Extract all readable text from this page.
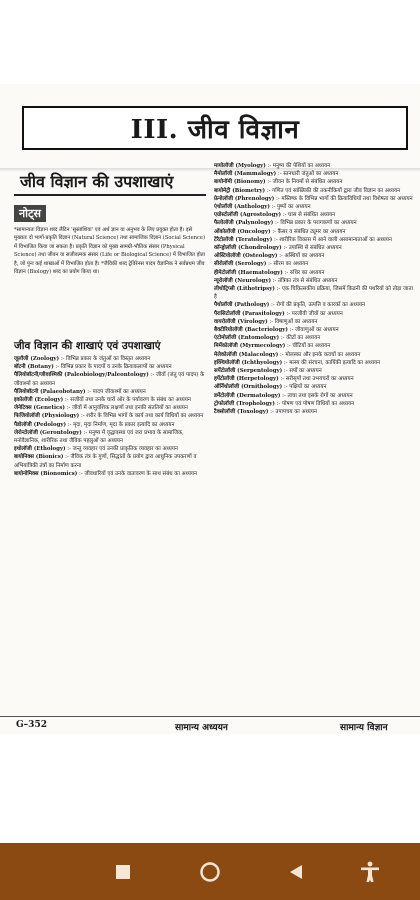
III. जीव विज्ञान
जीव विज्ञान की उपशाखाएं
नोट्स
*सामान्यतः विज्ञान शब्द लैटिन 'सुस्तांशिया' एवं अर्थ ज्ञान या अनुभव के लिए प्रयुक्त होता है। इसे मुख्यतः दो भागों-प्रकृति विज्ञान (Natural Science) तथा सामाजिक विज्ञान (Social Science) में विभाजित किया जा सकता है। प्रकृति विज्ञान को मुख्य सामग्री-भौतिक संसार (Physical Science) तथा जीवन या सजीवत्मक संसार (Life or Biological Science) में विभाजित होता है, जो पुनः कई शाखाओं में विभाजित होता है। *जैविकी शब्द ट्रेविरेनस पादप वैज्ञानिक ने सर्वप्रथम जीव विज्ञान (Biology) शब्द का प्रयोग किया था।
जीव विज्ञान की शाखाएं एवं उपशाखाएं
जूलॉजी (Zoology) :- विभिन्न प्रकार के जंतुओं का विस्तृत अध्ययन
बॉटनी (Botany) :- विभिन्न प्रकार के पादपों व उनके क्रियाकलापों का अध्ययन
पैलियोबॉटनी/जीवाश्मिकी (Paleobiology/Paleontology) :- जीवों (जंतु एवं पादप) के जीवाश्मों का अध्ययन
पैलियोबॉटनी (Palaeobotany) :- पादप जीवाश्मों का अध्ययन
इकोलॉजी (Ecology) :- सजीवों तथा उनके चारों ओर के पर्यावरण के संबंध का अध्ययन
जेनेटिक्स (Genetics) :- जीवों में आनुवंशिक लक्षणों तथा इनकी संततियों का अध्ययन
फिजियोलॉजी (Physiology) :- शरीर के विभिन्न भागों के कार्य तथा कार्य विधियों का अध्ययन
पैडोलॉजी (Pedology) :- मृदा, मृदा निर्माण, मृदा के प्रकार इत्यादि का अध्ययन
जेरोन्टोलॉजी (Gerontology) :- मनुष्य में वृद्धावस्था एवं जरा प्रभाव के सामाजिक, मनोवैज्ञानिक, शारीरिक तथा जैविक पहलुओं का अध्ययन
इथोलॉजी (Ethology) :- जन्तु व्यवहार एवं उनकी प्राकृतिक व्यवहार का अध्ययन
बायोनिक्स (Bionics) :- जैविक तंत्र के गुणों, सिद्धांतों के प्रयोग द्वारा आधुनिक उपकरणों व अभियांत्रिकी तंत्रों का निर्माण करना
बायोनोमिक्स (Bionomics) :- जीवधारियों एवं उनके वातावरण के साथ संबंध का अध्ययन
मायोलॉजी (Myology) :- मनुष्य की पेशियों का अध्ययन
मैमोलॉजी (Mammalogy) :- स्तनधारी जंतुओं का अध्ययन
बायोनॉमी (Bionomy) :- जीवन के नियमों से संबंधित अध्ययन
बायोमेट्री (Biometry) :- गणित एवं सांख्यिकी की तकनीकियों द्वारा जीव विज्ञान का अध्ययन
फ्रेनोलॉजी (Phrenology) :- मस्तिष्क के विभिन्न भागों की क्रियाविधियों तथा विशेषता का अध्ययन
एंथोलॉजी (Anthology) :- पुष्पों का अध्ययन
एग्रोस्टोलॉजी (Agrostology) :- घास से संबंधित अध्ययन
फैलोलॉजी (Palynology) :- विभिन्न प्रकार के परागकणों का अध्ययन
ओंकोलॉजी (Oncology) :- कैंसर व संबंधित ट्यूमर का अध्ययन
टेरैटोलॉजी (Teratology) :- शारीरिक विकास में आने वाली असामान्यताओं का अध्ययन
कॉन्ड्रोलॉजी (Chondrology) :- उपास्थि से संबंधित अध्ययन
ओस्टियोलॉजी (Osteology) :- अस्थियों का अध्ययन
सीरोलॉजी (Serology) :- सीरम का अध्ययन
हीमेटोलॉजी (Haematology) :- रुधिर का अध्ययन
न्यूरोलॉजी (Neurology) :- तंत्रिका तंत्र से संबंधित अध्ययन
लीथोट्रिप्सी (Lithotripsy) :- एक चिकित्सकीय प्रक्रिया, जिसमें किडनी की पथरियों को तोड़ा जाता है
पैथोलॉजी (Pathology) :- रोगों की प्रकृति, उत्पत्ति व कारकों का अध्ययन
पैरासिटोलॉजी (Parasitology) :- परजीवी जीवों का अध्ययन
वायरोलॉजी (Virology) :- विषाणुओं का अध्ययन
बैक्टीरियोलॉजी (Bacteriology) :- जीवाणुओं का अध्ययन
एंटोमोलॉजी (Entomology) :- कीटों का अध्ययन
मिर्मेकोलॉजी (Myrmecology) :- चींटियों का अध्ययन
मेलेकोलॉजी (Malacology) :- मोलस्का और इनके कवचों का अध्ययन
इक्थियोलॉजी (Ichthyology) :- मत्स्य की संरचना, कार्यिकी इत्यादि का अध्ययन
सर्पेटोलॉजी (Serpentology) :- सर्पों का अध्ययन
हर्पेटोलॉजी (Herpetology) :- सरीसृपों तथा उभयचरों का अध्ययन
ऑर्निथोलॉजी (Ornithology) :- पक्षियों का अध्ययन
डर्मेटोलॉजी (Dermatology) :- त्वचा तथा इसके रोगों का अध्ययन
ट्रोफोलॉजी (Trophology) :- पोषण एवं पोषण विधियों का अध्ययन
टैक्सोलॉजी (Toxology) :- उपापचय का अध्ययन
G–352	सामान्य अध्ययन	सामान्य विज्ञान
